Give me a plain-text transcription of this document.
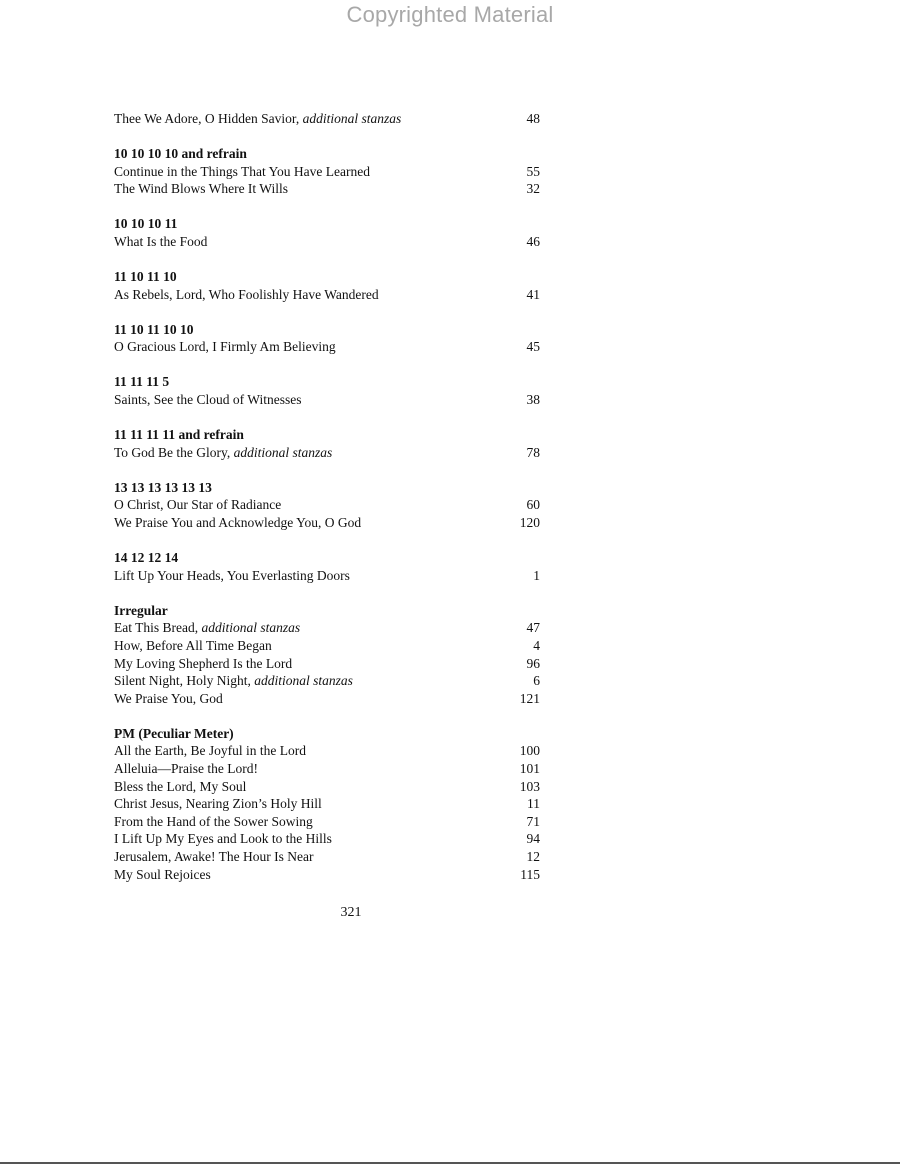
Copyrighted Material
Thee We Adore, O Hidden Savior, additional stanzas	48
10 10 10 10 and refrain
Continue in the Things That You Have Learned	55
The Wind Blows Where It Wills	32
10 10 10 11
What Is the Food	46
11 10 11 10
As Rebels, Lord, Who Foolishly Have Wandered	41
11 10 11 10 10
O Gracious Lord, I Firmly Am Believing	45
11 11 11 5
Saints, See the Cloud of Witnesses	38
11 11 11 11 and refrain
To God Be the Glory, additional stanzas	78
13 13 13 13 13 13
O Christ, Our Star of Radiance	60
We Praise You and Acknowledge You, O God	120
14 12 12 14
Lift Up Your Heads, You Everlasting Doors	1
Irregular
Eat This Bread, additional stanzas	47
How, Before All Time Began	4
My Loving Shepherd Is the Lord	96
Silent Night, Holy Night, additional stanzas	6
We Praise You, God	121
PM (Peculiar Meter)
All the Earth, Be Joyful in the Lord	100
Alleluia—Praise the Lord!	101
Bless the Lord, My Soul	103
Christ Jesus, Nearing Zion’s Holy Hill	11
From the Hand of the Sower Sowing	71
I Lift Up My Eyes and Look to the Hills	94
Jerusalem, Awake! The Hour Is Near	12
My Soul Rejoices	115
321
